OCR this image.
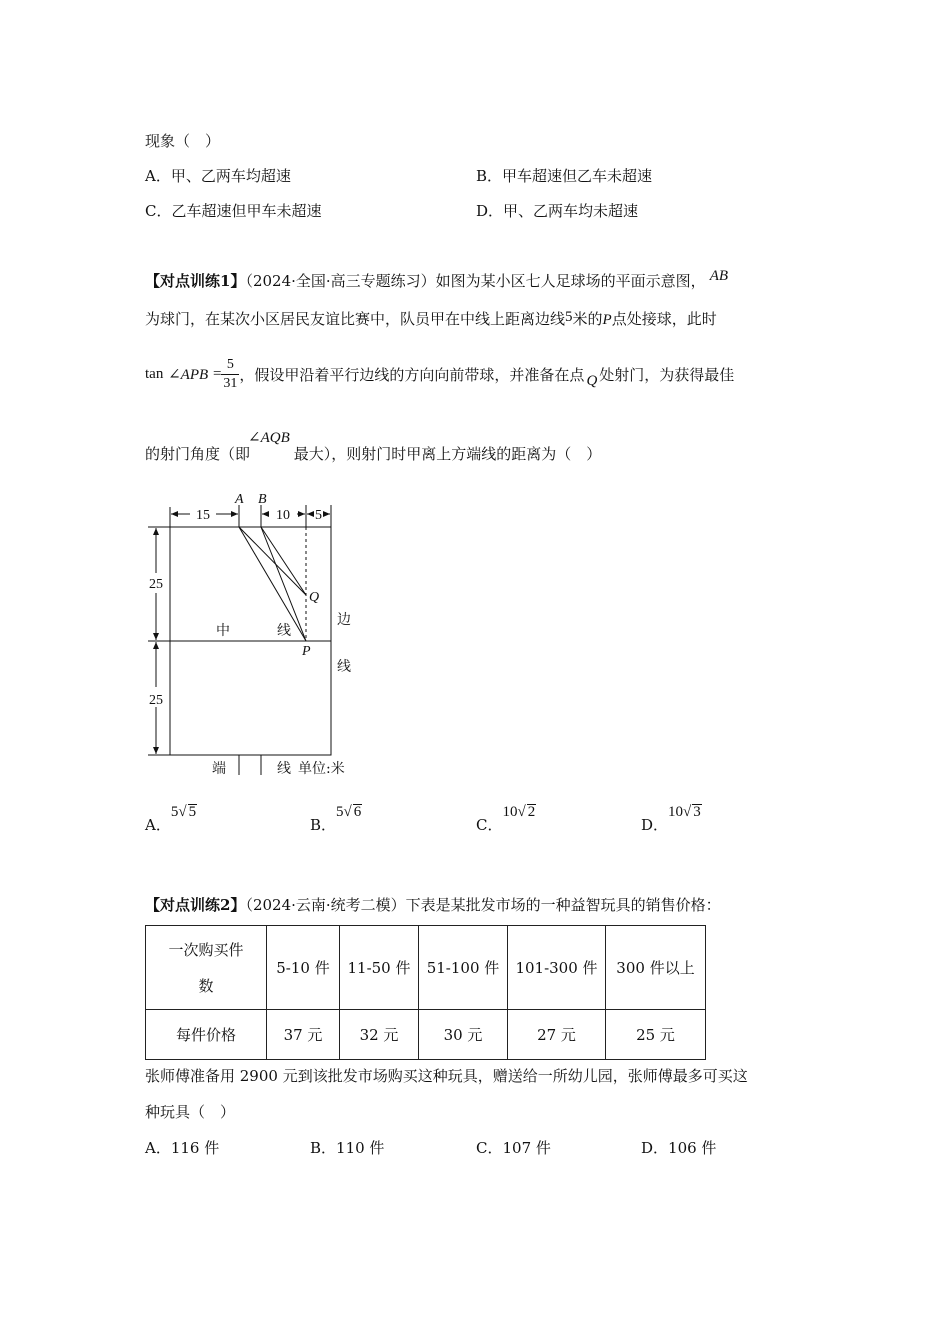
现象（　）
A．甲、乙两车均超速	B．甲车超速但乙车未超速
C．乙车超速但甲车未超速	D．甲、乙两车均未超速
【对点训练1】（2024·全国·高三专题练习）如图为某小区七人足球场的平面示意图， AB
为球门，在某次小区居民友谊比赛中，队员甲在中线上距离边线5米的P点处接球，此时
tan
∠APB
= $\frac{5}{31}$ ，假设甲沿着平行边线的方向向前带球，并准备在点 Q 处射门，为获得最佳
的射门角度（即∠AQB最大），则射门时甲离上方端线的距离为（　）
A B
15	10 5
25
25
Q
P
中	线
边
线
端	线 单位:米
A．5√ 5
B．5√ 6
C．10√ 2
D．10√ 3
【对点训练2】（2024·云南·统考二模）下表是某批发市场的一种益智玩具的销售价格：
一次购买件
数	5-10 件	11-50 件	51-100 件	101-300 件	300 件以上
每件价格	37 元	32 元	30 元	27 元	25 元
张师傅准备用 2900 元到该批发市场购买这种玩具，赠送给一所幼儿园，张师傅最多可买这
种玩具（　）
A．116 件	B．110 件	C．107 件	D．106 件
